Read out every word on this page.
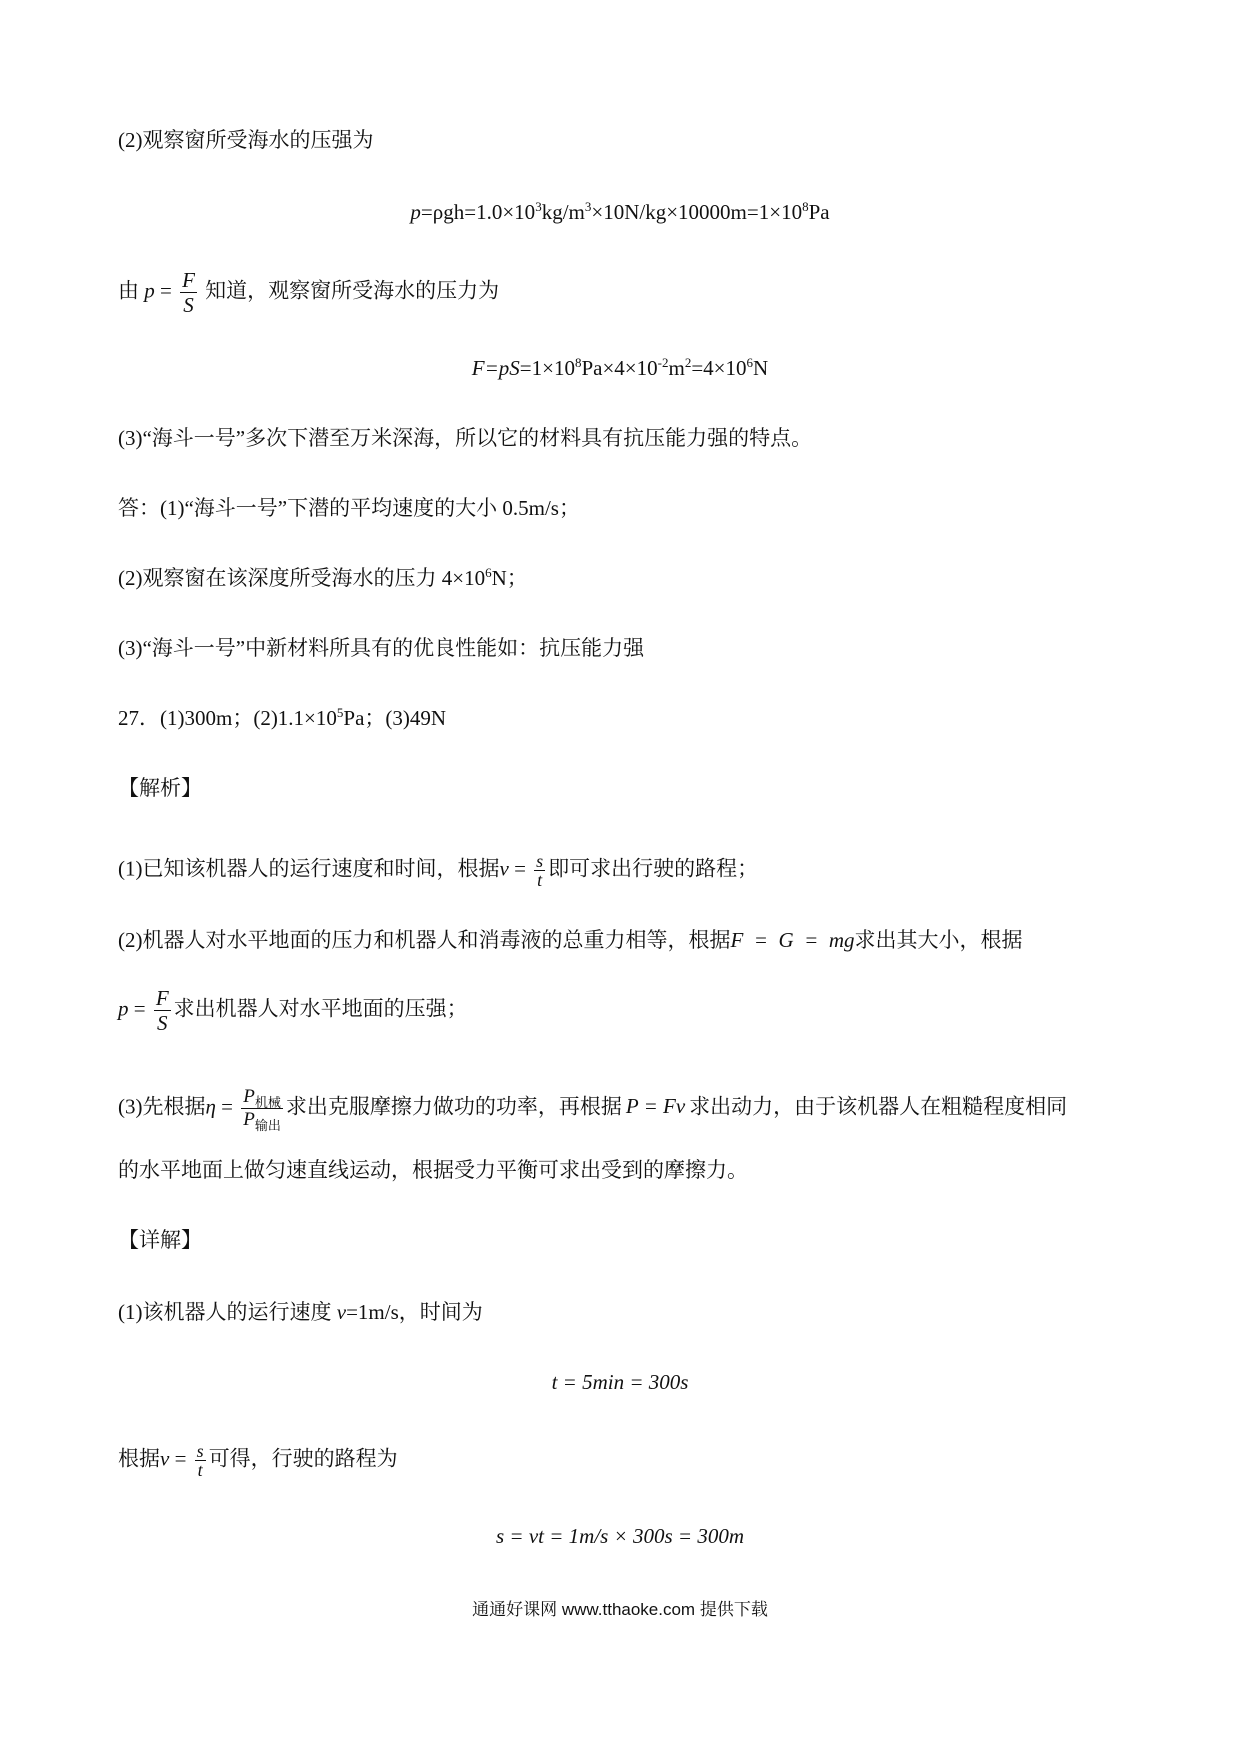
(2)观察窗所受海水的压强为
$p=\rho gh=1.0\times 10^3kg/m^3\times 10N/kg\times 10000m=1\times 10^8Pa$
由 $p = \frac{F}{S}$ 知道，观察窗所受海水的压力为
$F=pS=1\times 10^8Pa\times 4\times 10^{-2}m^2=4\times 10^6N$
(3)“海斗一号”多次下潜至万米深海，所以它的材料具有抗压能力强的特点。
答：(1)“海斗一号”下潜的平均速度的大小 0.5m/s；
(2)观察窗在该深度所受海水的压力 $4\times 10^6N$；
(3)“海斗一号”中新材料所具有的优良性能如：抗压能力强
27．(1)300m；$(2)1.1\times 10^5Pa$；(3)49N
【解析】
(1)已知该机器人的运行速度和时间，根据$v = \frac{s}{t}$ 即可求出行驶的路程；
(2)机器人对水平地面的压力和机器人和消毒液的总重力相等，根据F  =  G  =  mg求出其大小，根据
$p = \frac{F}{S}$ 求出机器人对水平地面的压强；
(3)先根据$\eta = \frac{P_{机械}}{P_{输出}}$ 求出克服摩擦力做功的功率，再根据 P = Fv 求出动力，由于该机器人在粗糙程度相同
的水平地面上做匀速直线运动，根据受力平衡可求出受到的摩擦力。
【详解】
(1)该机器人的运行速度 v=1m/s，时间为
t = 5min = 300s
根据$v = \frac{s}{t}$ 可得，行驶的路程为
s = vt = 1m/s × 300s = 300m
通通好课网 www.tthaoke.com 提供下载
